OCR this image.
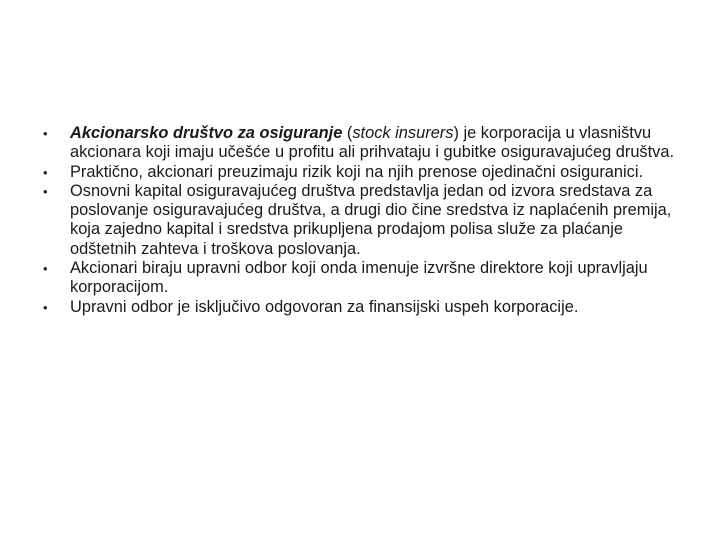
• Akcionarsko društvo za osiguranje (stock insurers) je korporacija u vlasništvu akcionara koji imaju učešće u profitu ali prihvataju i gubitke osiguravajućeg društva.
• Praktično, akcionari preuzimaju rizik koji na njih prenose ojedinačni osiguranici.
• Osnovni kapital osiguravajućeg društva predstavlja jedan od izvora sredstava za poslovanje osiguravajućeg društva, a drugi dio čine sredstva iz naplaćenih premija, koja zajedno kapital i sredstva prikupljena prodajom polisa služe za plaćanje odštetnih zahteva i troškova poslovanja.
• Akcionari biraju upravni odbor koji onda imenuje izvršne direktore koji upravljaju korporacijom.
• Upravni odbor je isključivo odgovoran za finansijski uspeh korporacije.
